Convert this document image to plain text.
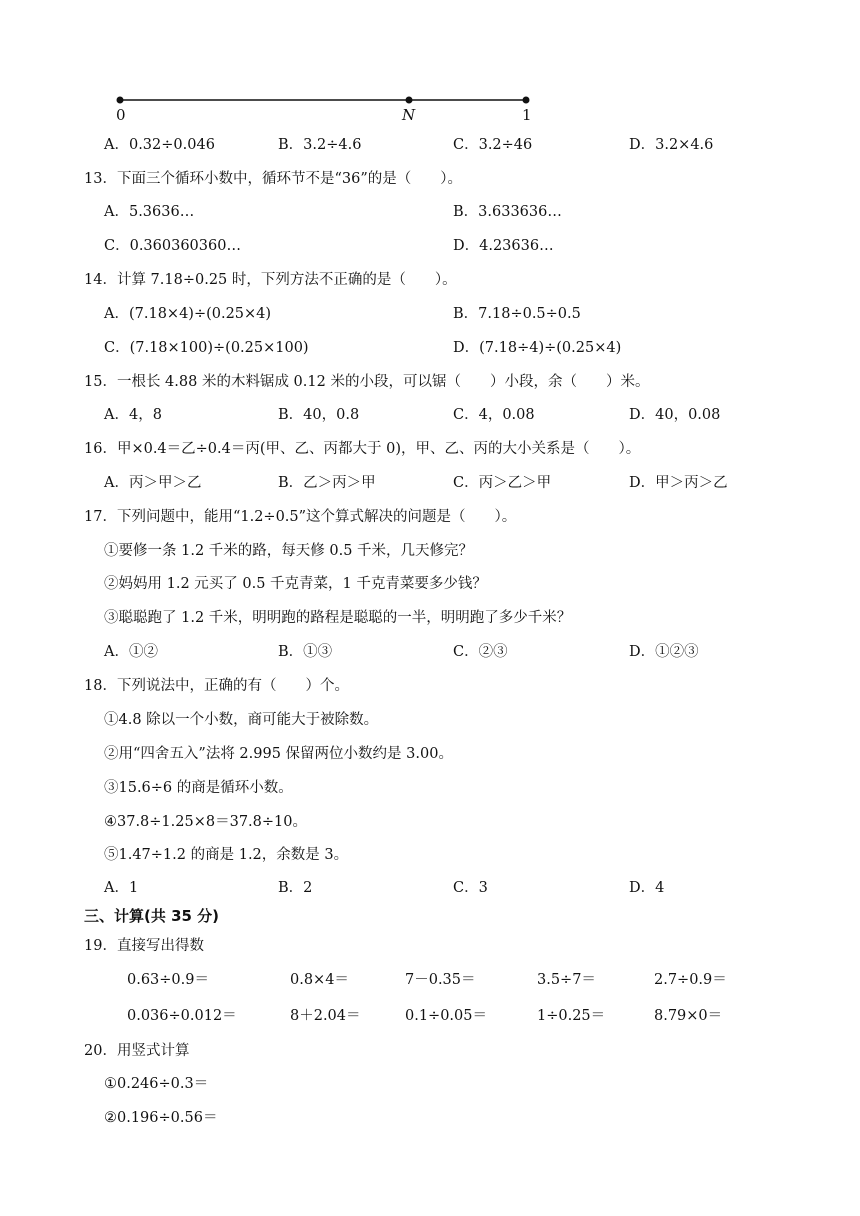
0	N	1
A．0.32÷0.046	B．3.2÷4.6	C．3.2÷46	D．3.2×4.6
13．下面三个循环小数中，循环节不是“36”的是（　　）。
A．5.3636…	B．3.633636…
C．0.360360360…	D．4.23636…
14．计算 7.18÷0.25 时，下列方法不正确的是（　　）。
A．(7.18×4)÷(0.25×4)	B．7.18÷0.5÷0.5
C．(7.18×100)÷(0.25×100)	D．(7.18÷4)÷(0.25×4)
15．一根长 4.88 米的木料锯成 0.12 米的小段，可以锯（　　）小段，余（　　）米。
A．4，8	B．40，0.8	C．4，0.08	D．40，0.08
16．甲×0.4＝乙÷0.4＝丙(甲、乙、丙都大于 0)，甲、乙、丙的大小关系是（　　）。
A．丙＞甲＞乙	B．乙＞丙＞甲	C．丙＞乙＞甲	D．甲＞丙＞乙
17．下列问题中，能用“1.2÷0.5”这个算式解决的问题是（　　）。
①要修一条 1.2 千米的路，每天修 0.5 千米，几天修完？
②妈妈用 1.2 元买了 0.5 千克青菜，1 千克青菜要多少钱？
③聪聪跑了 1.2 千米，明明跑的路程是聪聪的一半，明明跑了多少千米？
A．①②	B．①③	C．②③	D．①②③
18．下列说法中，正确的有（　　）个。
①4.8 除以一个小数，商可能大于被除数。
②用“四舍五入”法将 2.995 保留两位小数约是 3.00。
③15.6÷6 的商是循环小数。
④37.8÷1.25×8＝37.8÷10。
⑤1.47÷1.2 的商是 1.2，余数是 3。
A．1	B．2	C．3	D．4
三、计算(共 35 分)
19．直接写出得数
0.63÷0.9＝	0.8×4＝	7－0.35＝	3.5÷7＝	2.7÷0.9＝
0.036÷0.012＝	8＋2.04＝	0.1÷0.05＝	1÷0.25＝	8.79×0＝
20．用竖式计算
①0.246÷0.3＝
②0.196÷0.56＝
